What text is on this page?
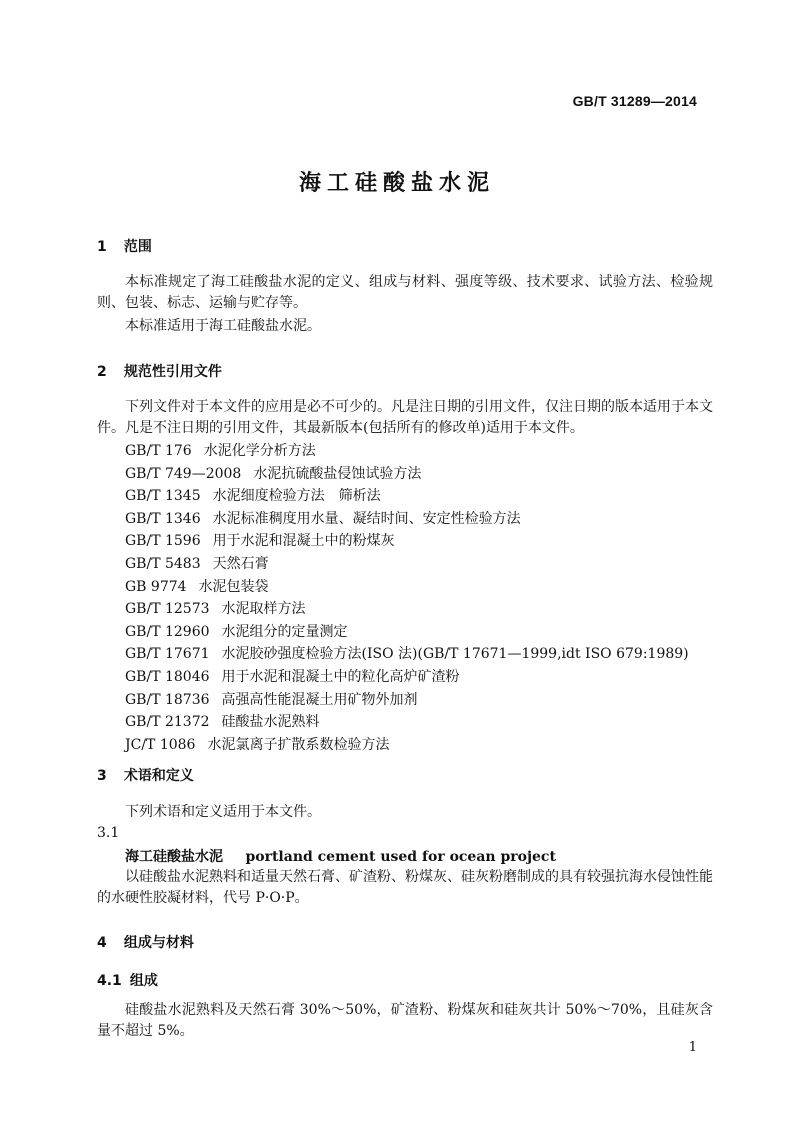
GB/T 31289—2014
海工硅酸盐水泥
1 范围
本标准规定了海工硅酸盐水泥的定义、组成与材料、强度等级、技术要求、试验方法、检验规则、包装、标志、运输与贮存等。
本标准适用于海工硅酸盐水泥。
2 规范性引用文件
下列文件对于本文件的应用是必不可少的。凡是注日期的引用文件，仅注日期的版本适用于本文件。凡是不注日期的引用文件，其最新版本(包括所有的修改单)适用于本文件。
GB/T 176 水泥化学分析方法
GB/T 749—2008 水泥抗硫酸盐侵蚀试验方法
GB/T 1345 水泥细度检验方法　筛析法
GB/T 1346 水泥标准稠度用水量、凝结时间、安定性检验方法
GB/T 1596 用于水泥和混凝土中的粉煤灰
GB/T 5483 天然石膏
GB 9774 水泥包装袋
GB/T 12573 水泥取样方法
GB/T 12960 水泥组分的定量测定
GB/T 17671 水泥胶砂强度检验方法(ISO 法)(GB/T 17671—1999,idt ISO 679:1989)
GB/T 18046 用于水泥和混凝土中的粒化高炉矿渣粉
GB/T 18736 高强高性能混凝土用矿物外加剂
GB/T 21372 硅酸盐水泥熟料
JC/T 1086 水泥氯离子扩散系数检验方法
3 术语和定义
下列术语和定义适用于本文件。
3.1
海工硅酸盐水泥 portland cement used for ocean project
以硅酸盐水泥熟料和适量天然石膏、矿渣粉、粉煤灰、硅灰粉磨制成的具有较强抗海水侵蚀性能的水硬性胶凝材料，代号 P·O·P。
4 组成与材料
4.1 组成
硅酸盐水泥熟料及天然石膏 30%～50%，矿渣粉、粉煤灰和硅灰共计 50%～70%，且硅灰含量不超过 5%。
1
